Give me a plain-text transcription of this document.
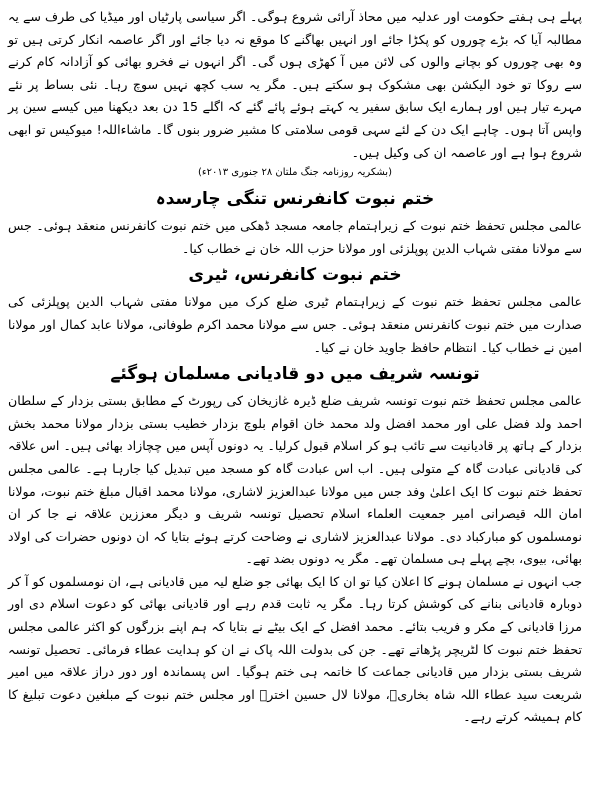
پہلے ہی ہفتے حکومت اور عدلیہ میں محاذ آرائی شروع ہوگی۔ اگر سیاسی پارٹیاں اور میڈیا کی طرف سے یہ مطالبہ آیا کہ بڑے چوروں کو پکڑا جائے اور انہیں بھاگنے کا موقع نہ دیا جائے اور اگر عاصمہ انکار کرتی ہیں تو وہ بھی چوروں کو بچانے والوں کی لائن میں آ کھڑی ہوں گی۔ اگر انہوں نے فخرو بھائی کو آزادانہ کام کرنے سے روکا تو خود الیکشن بھی مشکوک ہو سکتے ہیں۔ مگر یہ سب کچھ نہیں سوچ رہا۔ نئی بساط پر نئے مہرے تیار ہیں اور ہمارے ایک سابق سفیر یہ کہتے ہوئے پائے گئے کہ اگلے 15 دن بعد دیکھنا میں کیسے سین پر واپس آتا ہوں۔ چاہے ایک دن کے لئے سہی قومی سلامتی کا مشیر ضرور بنوں گا۔ ماشاءاللہ! میوکیس تو ابھی شروع ہوا ہے اور عاصمہ ان کی وکیل ہیں۔

(بشکریہ روزنامہ جنگ ملتان ۲۸ جنوری ۲۰۱۳ء)
ختم نبوت کانفرنس تنگی چارسدہ

عالمی مجلس تحفظ ختم نبوت کے زیراہتمام جامعہ مسجد ڈھکی میں ختم نبوت کانفرنس منعقد ہوئی۔ جس سے مولانا مفتی شہاب الدین پوپلزئی اور مولانا حزب اللہ خان نے خطاب کیا۔

ختم نبوت کانفرنس، ٹیری

عالمی مجلس تحفظ ختم نبوت کے زیراہتمام ٹیری ضلع کرک میں مولانا مفتی شہاب الدین پوپلزئی کی صدارت میں ختم نبوت کانفرنس منعقد ہوئی۔ جس سے مولانا محمد اکرم طوفانی، مولانا عابد کمال اور مولانا امین نے خطاب کیا۔ انتظام حافظ جاوید خان نے کیا۔

تونسہ شریف میں دو قادیانی مسلمان ہوگئے

عالمی مجلس تحفظ ختم نبوت تونسہ شریف ضلع ڈیرہ غازیخان کی رپورٹ کے مطابق بستی بزدار کے سلطان احمد ولد فضل علی اور محمد افضل ولد محمد خان اقوام بلوچ بزدار خطیب بستی بزدار مولانا محمد بخش بزدار کے ہاتھ پر قادیانیت سے تائب ہو کر اسلام قبول کرلیا۔ یہ دونوں آپس میں چچازاد بھائی ہیں۔ اس علاقہ کی قادیانی عبادت گاہ کے متولی ہیں۔ اب اس عبادت گاہ کو مسجد میں تبدیل کیا جارہا ہے۔ عالمی مجلس تحفظ ختم نبوت کا ایک اعلیٰ وفد جس میں مولانا عبدالعزیز لاشاری، مولانا محمد اقبال مبلغ ختم نبوت، مولانا امان اللہ قیصرانی امیر جمعیت العلماء اسلام تحصیل تونسہ شریف و دیگر معززین علاقہ نے جا کر ان نومسلموں کو مبارکباد دی۔ مولانا عبدالعزیز لاشاری نے وضاحت کرتے ہوئے بتایا کہ ان دونوں حضرات کی اولاد بھائی، بیوی، بچے پہلے ہی مسلمان تھے۔ مگر یہ دونوں بضد تھے۔

جب انہوں نے مسلمان ہونے کا اعلان کیا تو ان کا ایک بھائی جو ضلع لیہ میں قادیانی ہے، ان نومسلموں کو آ کر دوبارہ قادیانی بنانے کی کوشش کرتا رہا۔ مگر یہ ثابت قدم رہے اور قادیانی بھائی کو دعوت اسلام دی اور مرزا قادیانی کے مکر و فریب بتائے۔ محمد افضل کے ایک بیٹے نے بتایا کہ ہم اپنے بزرگوں کو اکثر عالمی مجلس تحفظ ختم نبوت کا لٹریچر پڑھاتے تھے۔ جن کی بدولت اللہ پاک نے ان کو ہدایت عطاء فرمائی۔ تحصیل تونسہ شریف بستی بزدار میں قادیانی جماعت کا خاتمہ ہی ختم ہوگیا۔ اس پسماندہ اور دور دراز علاقہ میں امیر شریعت سید عطاء اللہ شاہ بخاریؒ، مولانا لال حسین اخترؒ اور مجلس ختم نبوت کے مبلغین دعوت تبلیغ کا کام ہمیشہ کرتے رہے۔
